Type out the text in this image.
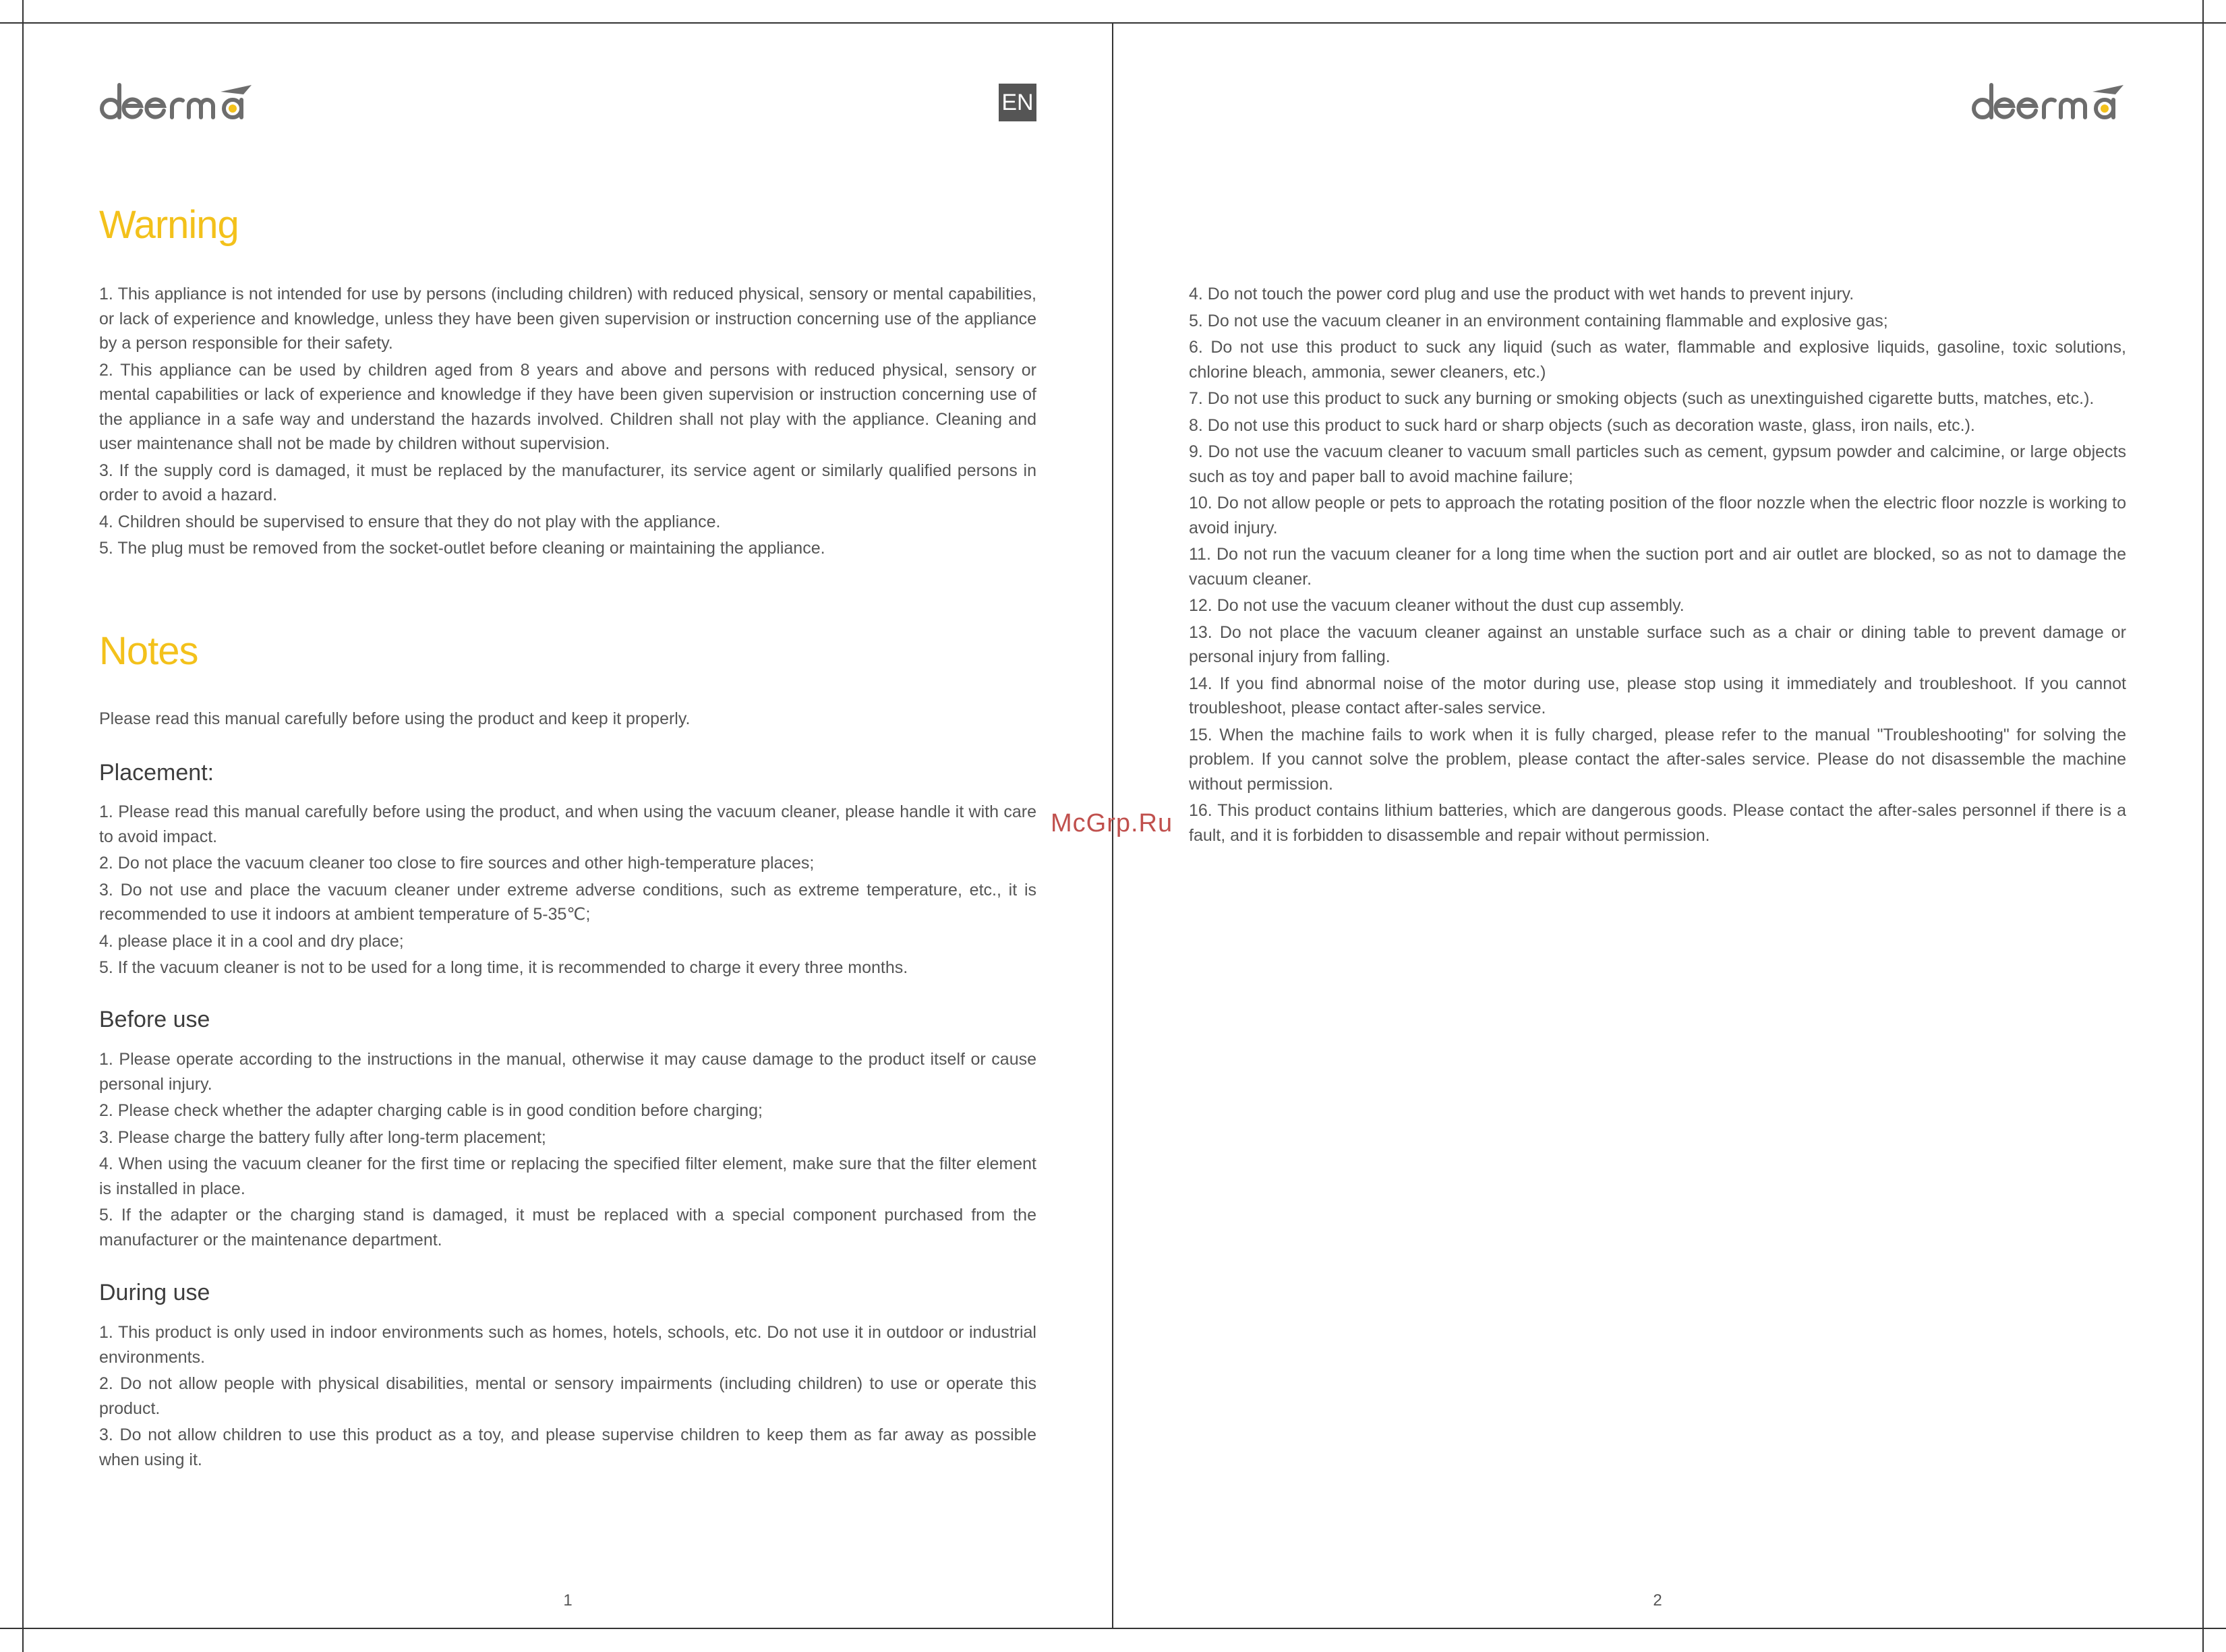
EN
Warning
1. This appliance is not intended for use by persons (including children) with reduced physical, sensory or mental capabilities, or lack of experience and knowledge, unless they have been given supervision or instruction concerning use of the appliance by a person responsible for their safety.
2. This appliance can be used by children aged from 8 years and above and persons with reduced physical, sensory or mental capabilities or lack of experience and knowledge if they have been given supervision or instruction concerning use of the appliance in a safe way and understand the hazards involved. Children shall not play with the appliance. Cleaning and user maintenance shall not be made by children without supervision.
3. If the supply cord is damaged, it must be replaced by the manufacturer, its service agent or similarly qualified persons in order to avoid a hazard.
4. Children should be supervised to ensure that they do not play with the appliance.
5. The plug must be removed from the socket-outlet before cleaning or maintaining the appliance.
Notes

Please read this manual carefully before using the product and keep it properly.

Placement:
1. Please read this manual carefully before using the product, and when using the vacuum cleaner, please handle it with care to avoid impact.
2. Do not place the vacuum cleaner too close to fire sources and other high-temperature places;
3. Do not use and place the vacuum cleaner under extreme adverse conditions, such as extreme temperature, etc., it is recommended to use it indoors at ambient temperature of 5-35℃;
4. please place it in a cool and dry place;
5. If the vacuum cleaner is not to be used for a long time, it is recommended to charge it every three months.
Before use
1. Please operate according to the instructions in the manual, otherwise it may cause damage to the product itself or cause personal injury.
2. Please check whether the adapter charging cable is in good condition before charging;
3. Please charge the battery fully after long-term placement;
4. When using the vacuum cleaner for the first time or replacing the specified filter element, make sure that the filter element is installed in place.
5. If the adapter or the charging stand is damaged, it must be replaced with a special component purchased from the manufacturer or the maintenance department.
During use
1. This product is only used in indoor environments such as homes, hotels, schools, etc. Do not use it in outdoor or industrial environments.
2. Do not allow people with physical disabilities, mental or sensory impairments (including children) to use or operate this product.
3. Do not allow children to use this product as a toy, and please supervise children to keep them as far away as possible when using it.
1
4. Do not touch the power cord plug and use the product with wet hands to prevent injury.
5. Do not use the vacuum cleaner in an environment containing flammable and explosive gas;
6. Do not use this product to suck any liquid (such as water, flammable and explosive liquids, gasoline, toxic solutions, chlorine bleach, ammonia, sewer cleaners, etc.)
7. Do not use this product to suck any burning or smoking objects (such as unextinguished cigarette butts, matches, etc.).
8. Do not use this product to suck hard or sharp objects (such as decoration waste, glass, iron nails, etc.).
9. Do not use the vacuum cleaner to vacuum small particles such as cement, gypsum powder and calcimine, or large objects such as toy and paper ball to avoid machine failure;
10. Do not allow people or pets to approach the rotating position of the floor nozzle when the electric floor nozzle is working to avoid injury.
11. Do not run the vacuum cleaner for a long time when the suction port and air outlet are blocked, so as not to damage the vacuum cleaner.
12. Do not use the vacuum cleaner without the dust cup assembly.
13. Do not place the vacuum cleaner against an unstable surface such as a chair or dining table to prevent damage or personal injury from falling.
14. If you find abnormal noise of the motor during use, please stop using it immediately and troubleshoot. If you cannot troubleshoot, please contact after-sales service.
15. When the machine fails to work when it is fully charged, please refer to the manual "Troubleshooting" for solving the problem. If you cannot solve the problem, please contact the after-sales service. Please do not disassemble the machine without permission.
16. This product contains lithium batteries, which are dangerous goods. Please contact the after-sales personnel if there is a fault, and it is forbidden to disassemble and repair without permission.
2
McGrp.Ru
